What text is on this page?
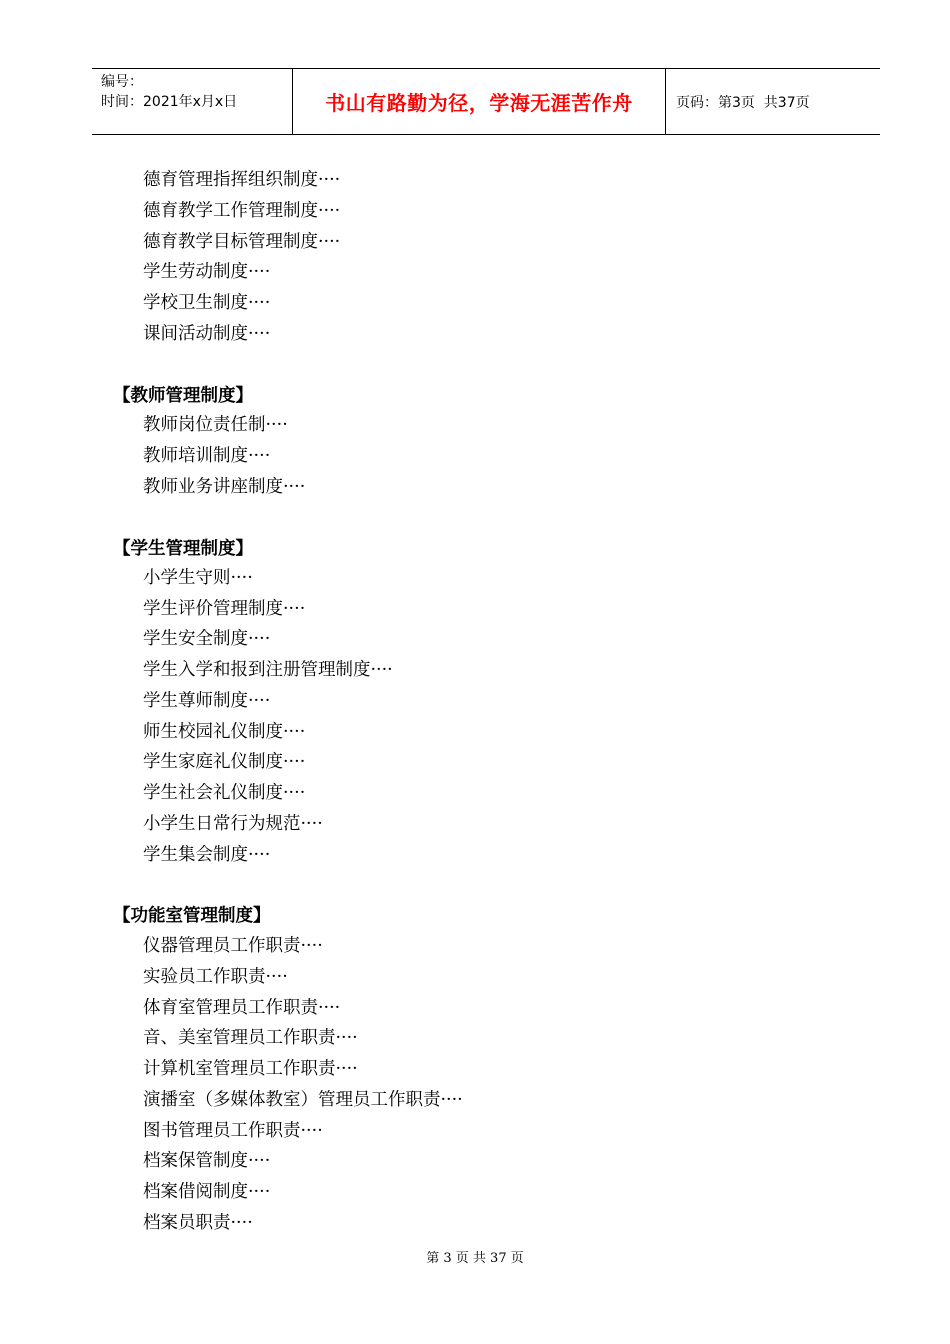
编号：
时间：2021年x月x日	书山有路勤为径，学海无涯苦作舟	页码：第3页  共37页
德育管理指挥组织制度····
德育教学工作管理制度····
德育教学目标管理制度····
学生劳动制度····
学校卫生制度····
课间活动制度····
【教师管理制度】
教师岗位责任制····
教师培训制度····
教师业务讲座制度····
【学生管理制度】
小学生守则····
学生评价管理制度····
学生安全制度····
学生入学和报到注册管理制度····
学生尊师制度····
师生校园礼仪制度····
学生家庭礼仪制度····
学生社会礼仪制度····
小学生日常行为规范····
学生集会制度····
【功能室管理制度】
仪器管理员工作职责····
实验员工作职责····
体育室管理员工作职责····
音、美室管理员工作职责····
计算机室管理员工作职责····
演播室（多媒体教室）管理员工作职责····
图书管理员工作职责····
档案保管制度····
档案借阅制度····
档案员职责····
第 3 页 共 37 页
